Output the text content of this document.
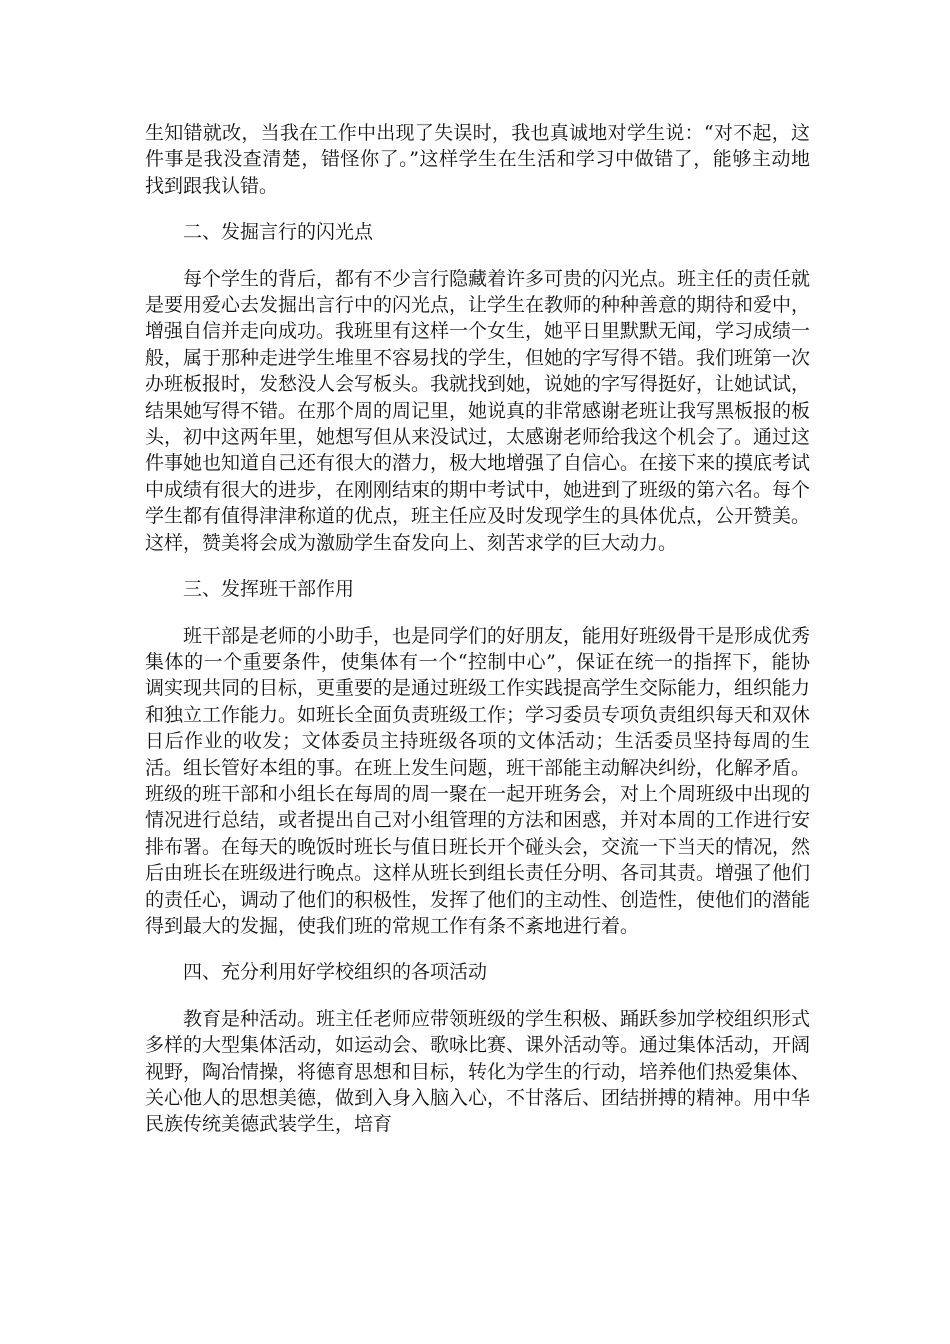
生知错就改，当我在工作中出现了失误时，我也真诚地对学生说：“对不起，这件事是我没查清楚，错怪你了。”这样学生在生活和学习中做错了，能够主动地找到跟我认错。

二、发掘言行的闪光点

每个学生的背后，都有不少言行隐藏着许多可贵的闪光点。班主任的责任就是要用爱心去发掘出言行中的闪光点，让学生在教师的种种善意的期待和爱中，增强自信并走向成功。我班里有这样一个女生，她平日里默默无闻，学习成绩一般，属于那种走进学生堆里不容易找的学生，但她的字写得不错。我们班第一次办班板报时，发愁没人会写板头。我就找到她，说她的字写得挺好，让她试试，结果她写得不错。在那个周的周记里，她说真的非常感谢老班让我写黑板报的板头，初中这两年里，她想写但从来没试过，太感谢老师给我这个机会了。通过这件事她也知道自己还有很大的潜力，极大地增强了自信心。在接下来的摸底考试中成绩有很大的进步，在刚刚结束的期中考试中，她进到了班级的第六名。每个学生都有值得津津称道的优点，班主任应及时发现学生的具体优点，公开赞美。这样，赞美将会成为激励学生奋发向上、刻苦求学的巨大动力。

三、发挥班干部作用

班干部是老师的小助手，也是同学们的好朋友，能用好班级骨干是形成优秀集体的一个重要条件，使集体有一个“控制中心”，保证在统一的指挥下，能协调实现共同的目标，更重要的是通过班级工作实践提高学生交际能力，组织能力和独立工作能力。如班长全面负责班级工作；学习委员专项负责组织每天和双休日后作业的收发；文体委员主持班级各项的文体活动；生活委员坚持每周的生活。组长管好本组的事。在班上发生问题，班干部能主动解决纠纷，化解矛盾。班级的班干部和小组长在每周的周一聚在一起开班务会，对上个周班级中出现的情况进行总结，或者提出自己对小组管理的方法和困惑，并对本周的工作进行安排布署。在每天的晚饭时班长与值日班长开个碰头会，交流一下当天的情况，然后由班长在班级进行晚点。这样从班长到组长责任分明、各司其责。增强了他们的责任心，调动了他们的积极性，发挥了他们的主动性、创造性，使他们的潜能得到最大的发掘，使我们班的常规工作有条不紊地进行着。

四、充分利用好学校组织的各项活动

教育是种活动。班主任老师应带领班级的学生积极、踊跃参加学校组织形式多样的大型集体活动，如运动会、歌咏比赛、课外活动等。通过集体活动，开阔视野，陶冶情操，将德育思想和目标，转化为学生的行动，培养他们热爱集体、关心他人的思想美德，做到入身入脑入心，不甘落后、团结拼搏的精神。用中华民族传统美德武装学生，培育
